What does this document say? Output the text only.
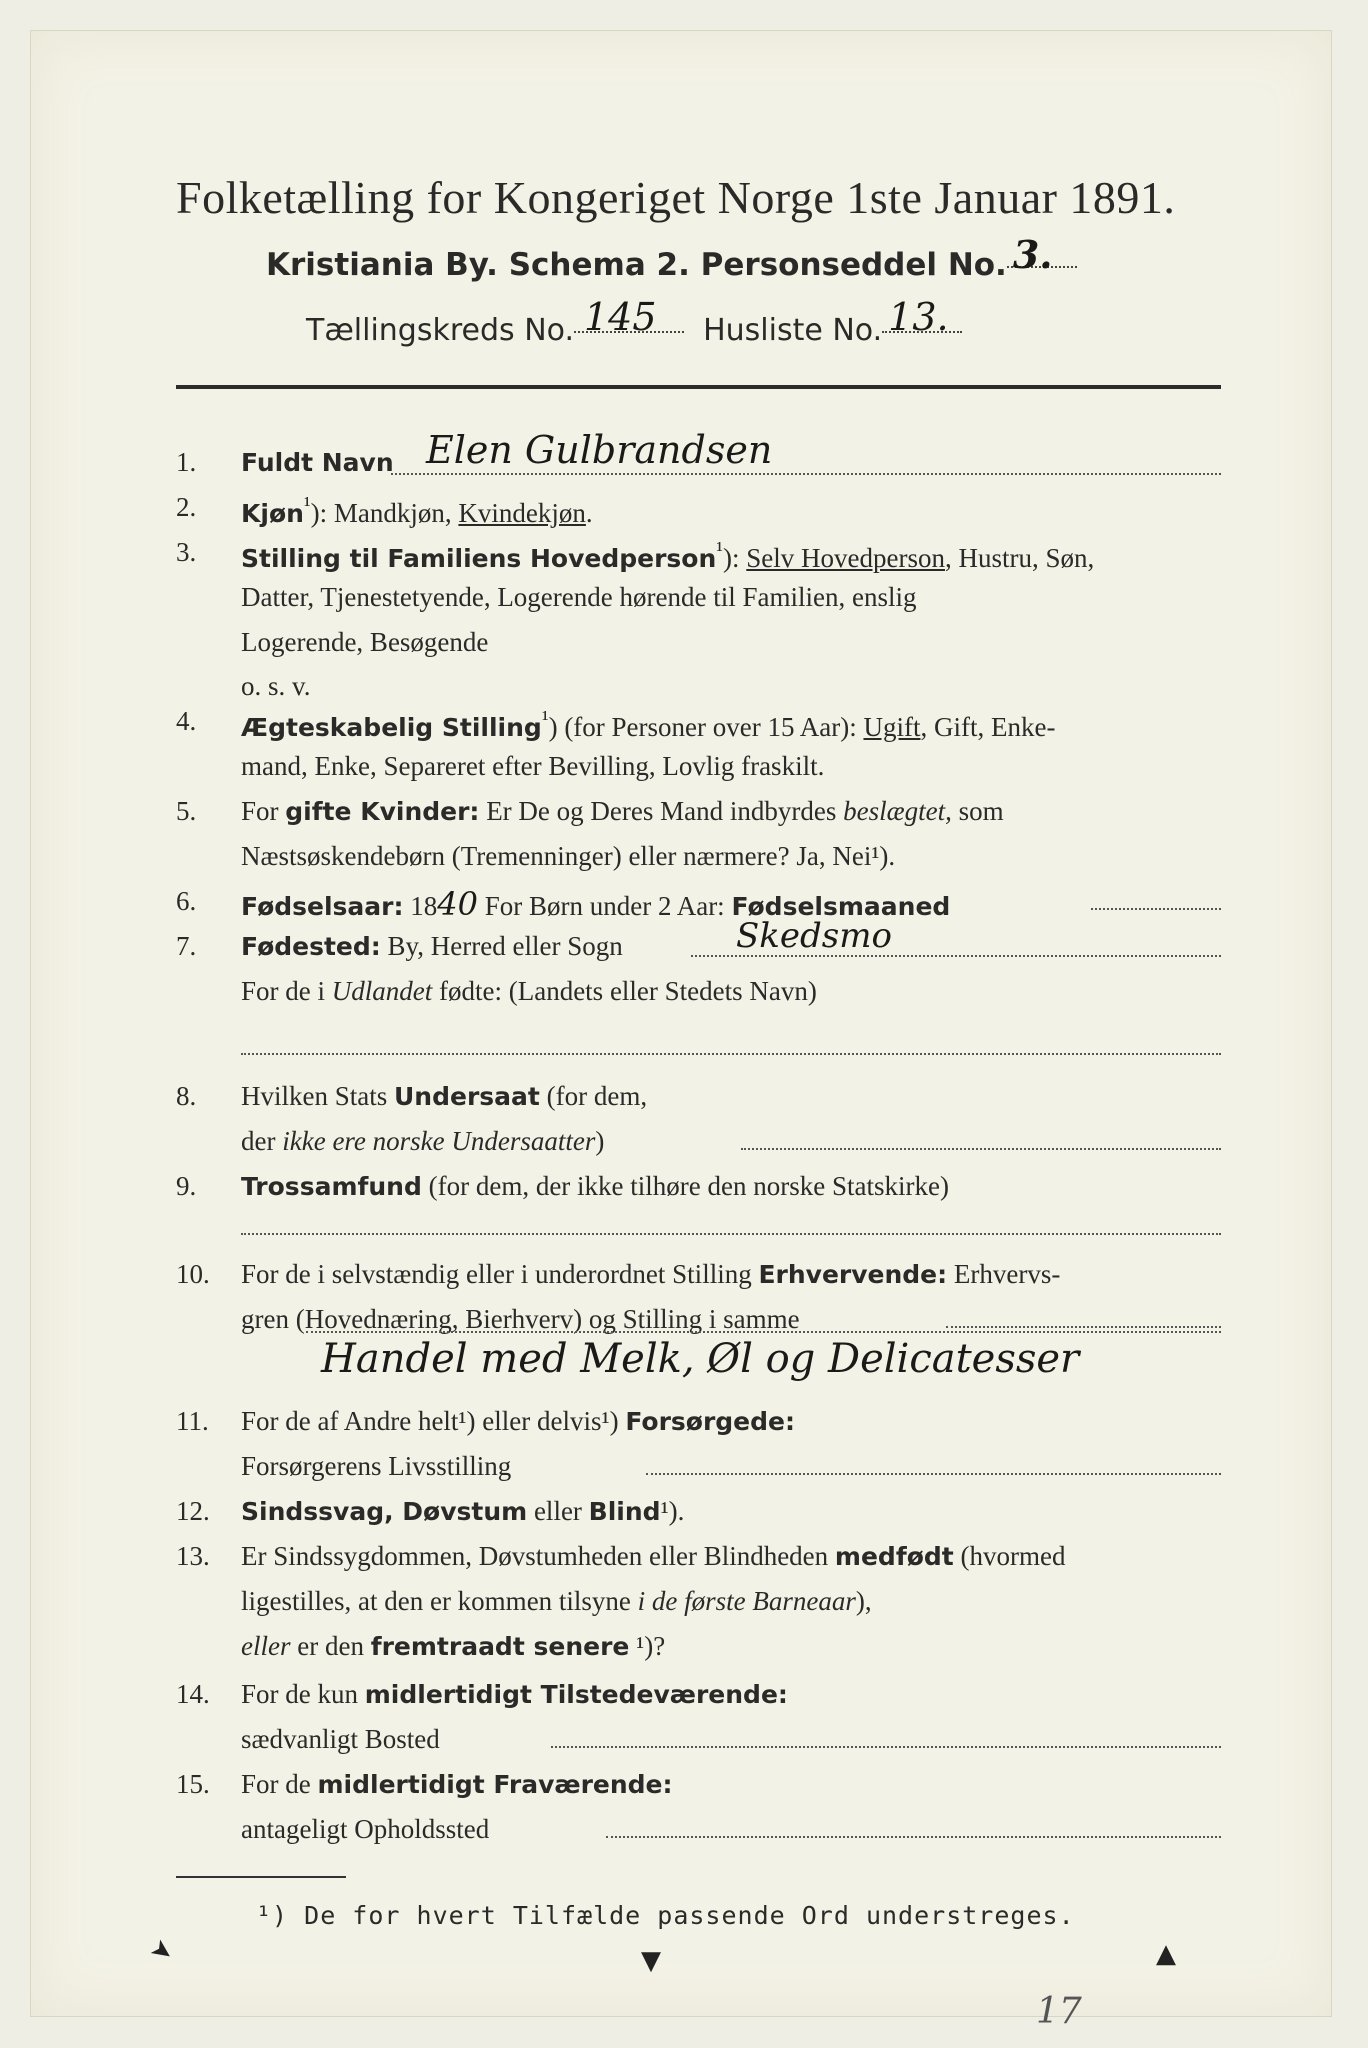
Folketælling for Kongeriget Norge 1ste Januar 1891.
Kristiania By. Schema 2. Personseddel No. 3.
Tællingskreds No. 145 Husliste No. 13.
1.	Fuldt Navn Elen Gulbrandsen
2.	Kjøn$^{^1}$): Mandkjøn, Kvindekjøn.
3.	Stilling til Familiens Hovedperson$^{^1}$): Selv Hovedperson, Hustru, Søn,
Datter, Tjenestetyende, Logerende hørende til Familien, enslig
Logerende, Besøgende
o. s. v.
4.	Ægteskabelig Stilling$^{^1}$) (for Personer over 15 Aar): Ugift, Gift, Enke-
mand, Enke, Separeret efter Bevilling, Lovlig fraskilt.
5.	For gifte Kvinder: Er De og Deres Mand indbyrdes beslægtet, som
Næstsøskendebørn (Tremenninger) eller nærmere? Ja, Nei¹).
6.	Fødselsaar: 1840 For Børn under 2 Aar: Fødselsmaaned
7.	Fødested: By, Herred eller Sogn	Skedsmo
For de i Udlandet fødte: (Landets eller Stedets Navn)
8.	Hvilken Stats Undersaat (for dem,
der ikke ere norske Undersaatter)
9.	Trossamfund (for dem, der ikke tilhøre den norske Statskirke)
10.	For de i selvstændig eller i underordnet Stilling Erhvervende: Erhvervs-
gren (Hovednæring, Bierhverv) og Stilling i samme
Handel med Melk, Øl og Delicatesser
11.	For de af Andre helt¹) eller delvis¹) Forsørgede:
Forsørgerens Livsstilling
12.	Sindssvag, Døvstum eller Blind¹).
13.	Er Sindssygdommen, Døvstumheden eller Blindheden medfødt (hvormed
ligestilles, at den er kommen tilsyne i de første Barneaar),
eller er den fremtraadt senere ¹)?
14.	For de kun midlertidigt Tilstedeværende:
sædvanligt Bosted
15.	For de midlertidigt Fraværende:
antageligt Opholdssted
¹) De for hvert Tilfælde passende Ord understreges.
➤	▼	▲
17
